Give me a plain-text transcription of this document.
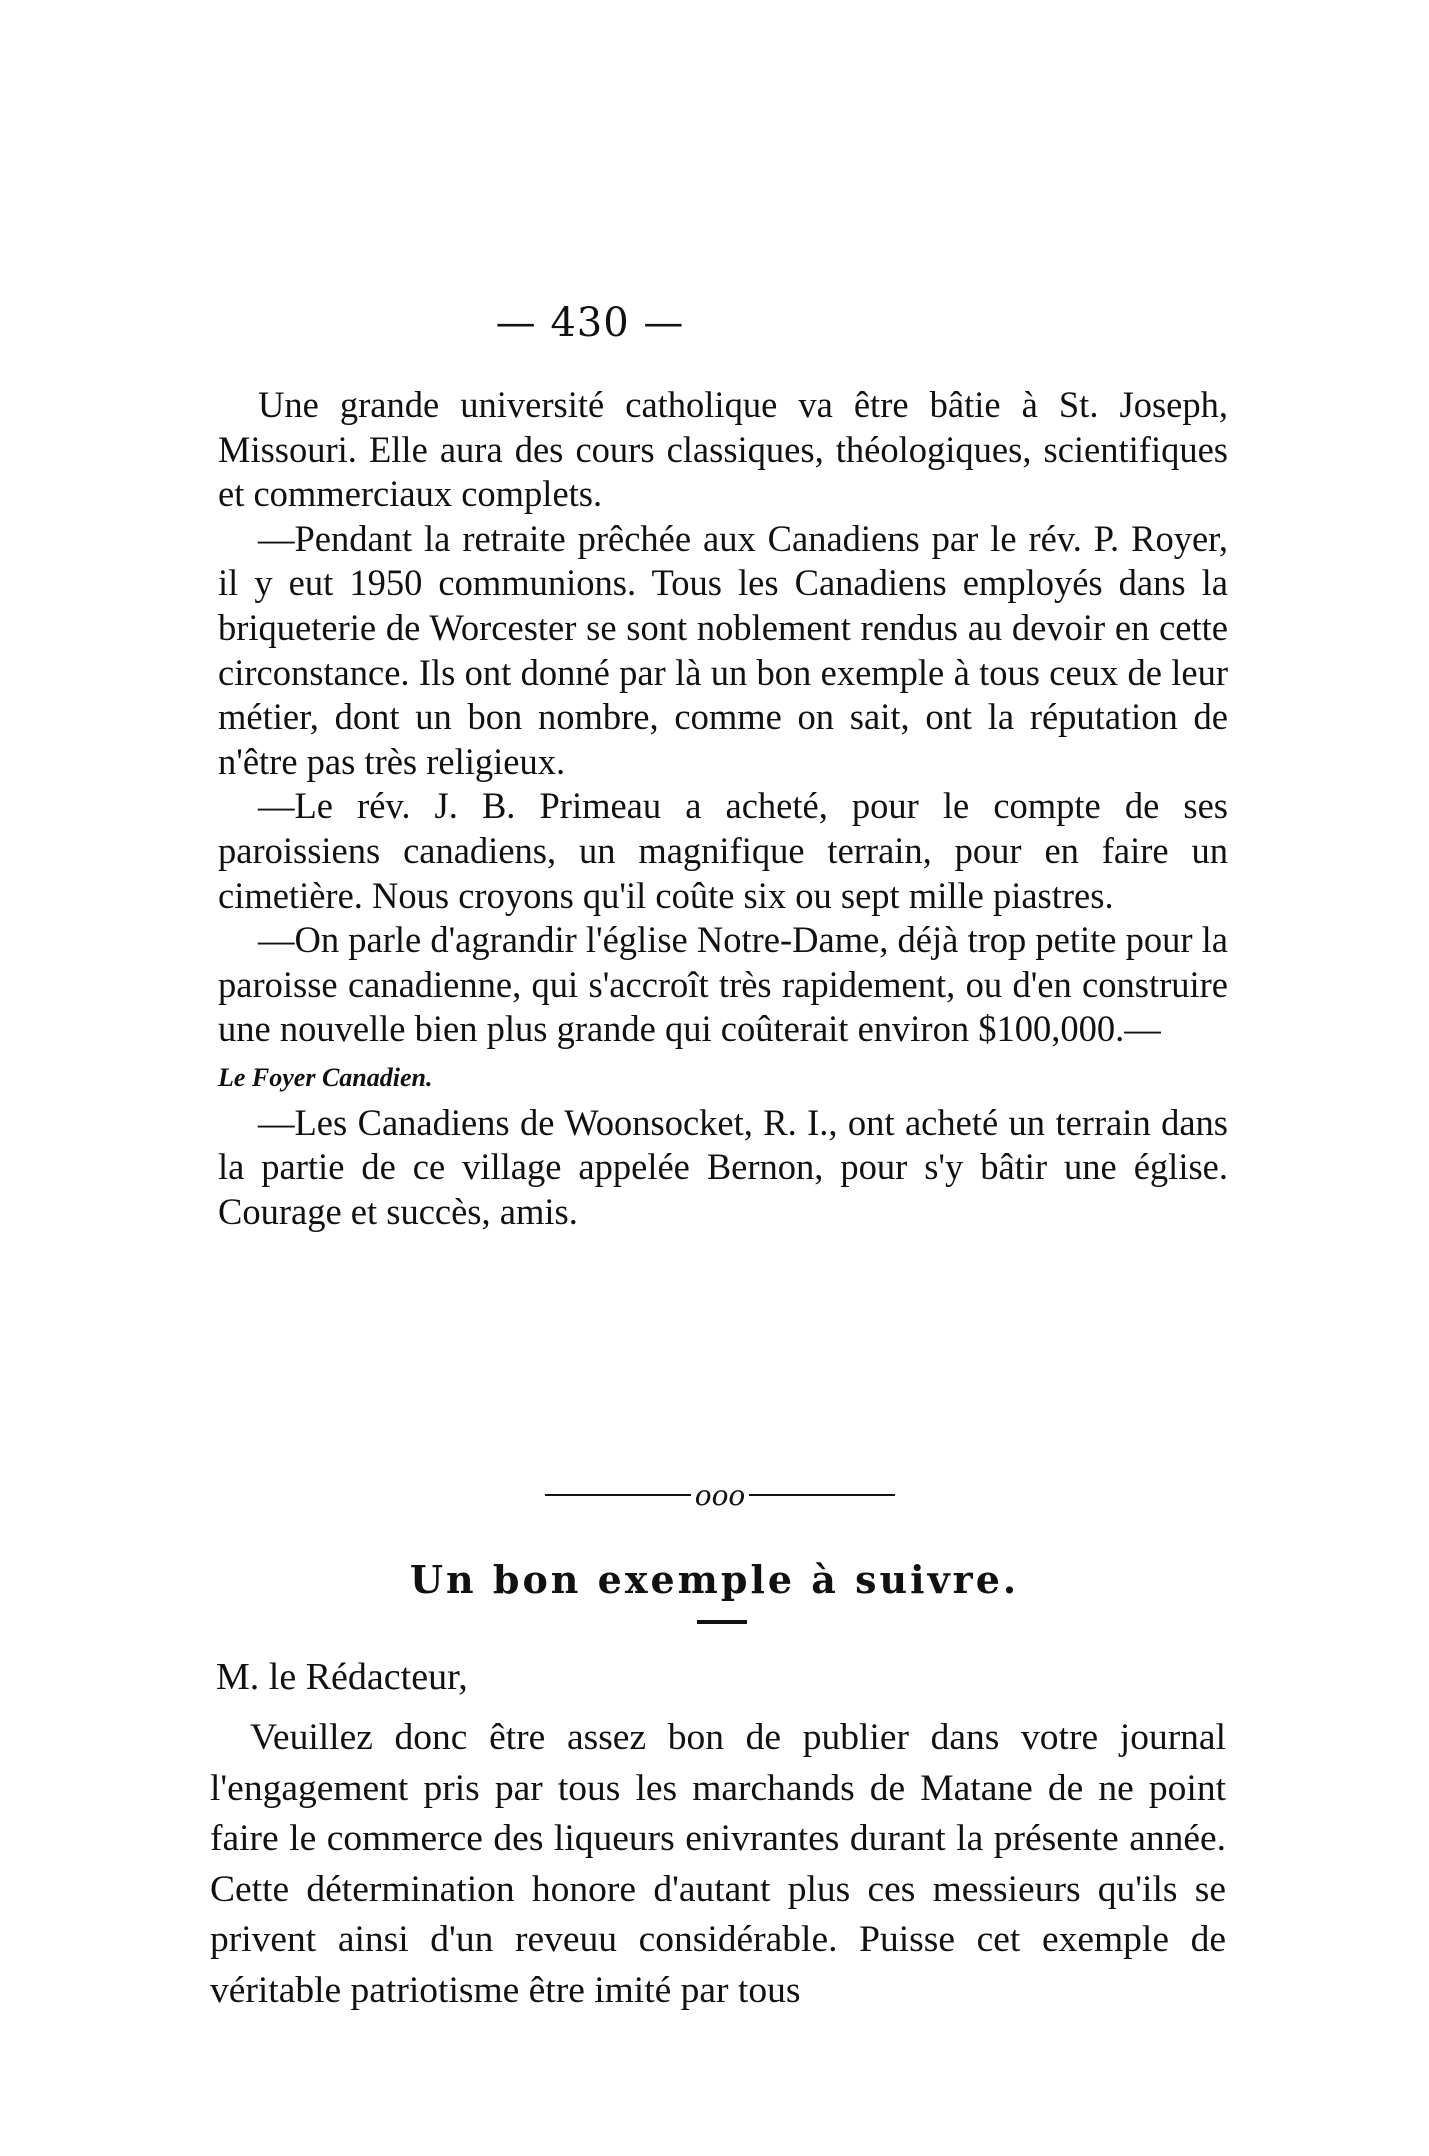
— 430 —

Une grande université catholique va être bâtie à St. Joseph, Missouri. Elle aura des cours classiques, théologiques, scientifiques et commerciaux complets.

—Pendant la retraite prêchée aux Canadiens par le rév. P. Royer, il y eut 1950 communions. Tous les Canadiens employés dans la briqueterie de Worcester se sont noblement rendus au devoir en cette circonstance. Ils ont donné par là un bon exemple à tous ceux de leur métier, dont un bon nombre, comme on sait, ont la réputation de n'être pas très religieux.

—Le rév. J. B. Primeau a acheté, pour le compte de ses paroissiens canadiens, un magnifique terrain, pour en faire un cimetière. Nous croyons qu'il coûte six ou sept mille piastres.

—On parle d'agrandir l'église Notre-Dame, déjà trop petite pour la paroisse canadienne, qui s'accroît très rapidement, ou d'en construire une nouvelle bien plus grande qui coûterait environ $100,000.—
Le Foyer Canadien.

—Les Canadiens de Woonsocket, R. I., ont acheté un terrain dans la partie de ce village appelée Bernon, pour s'y bâtir une église. Courage et succès, amis.

ooo
Un bon exemple à suivre.
M. le Rédacteur,

Veuillez donc être assez bon de publier dans votre journal l'engagement pris par tous les marchands de Matane de ne point faire le commerce des liqueurs enivrantes durant la présente année. Cette détermination honore d'autant plus ces messieurs qu'ils se privent ainsi d'un reveuu considérable. Puisse cet exemple de véritable patriotisme être imité par tous
